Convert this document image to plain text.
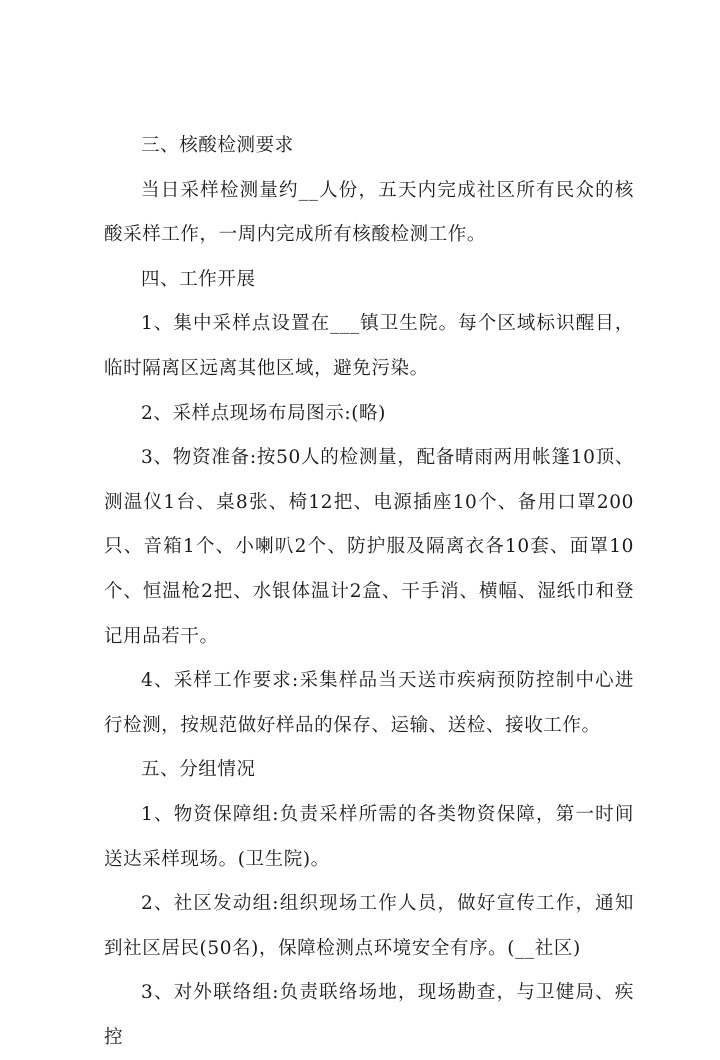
三、核酸检测要求

当日采样检测量约__人份，五天内完成社区所有民众的核酸采样工作，一周内完成所有核酸检测工作。

四、工作开展

1、集中采样点设置在___镇卫生院。每个区域标识醒目，临时隔离区远离其他区域，避免污染。

2、采样点现场布局图示:(略)

3、物资准备:按50人的检测量，配备晴雨两用帐篷10顶、测温仪1台、桌8张、椅12把、电源插座10个、备用口罩200只、音箱1个、小喇叭2个、防护服及隔离衣各10套、面罩10个、恒温枪2把、水银体温计2盒、干手消、横幅、湿纸巾和登记用品若干。

4、采样工作要求:采集样品当天送市疾病预防控制中心进行检测，按规范做好样品的保存、运输、送检、接收工作。

五、分组情况

1、物资保障组:负责采样所需的各类物资保障，第一时间送达采样现场。(卫生院)。

2、社区发动组:组织现场工作人员，做好宣传工作，通知到社区居民(50名)，保障检测点环境安全有序。(__社区)

3、对外联络组:负责联络场地，现场勘查，与卫健局、疾控
